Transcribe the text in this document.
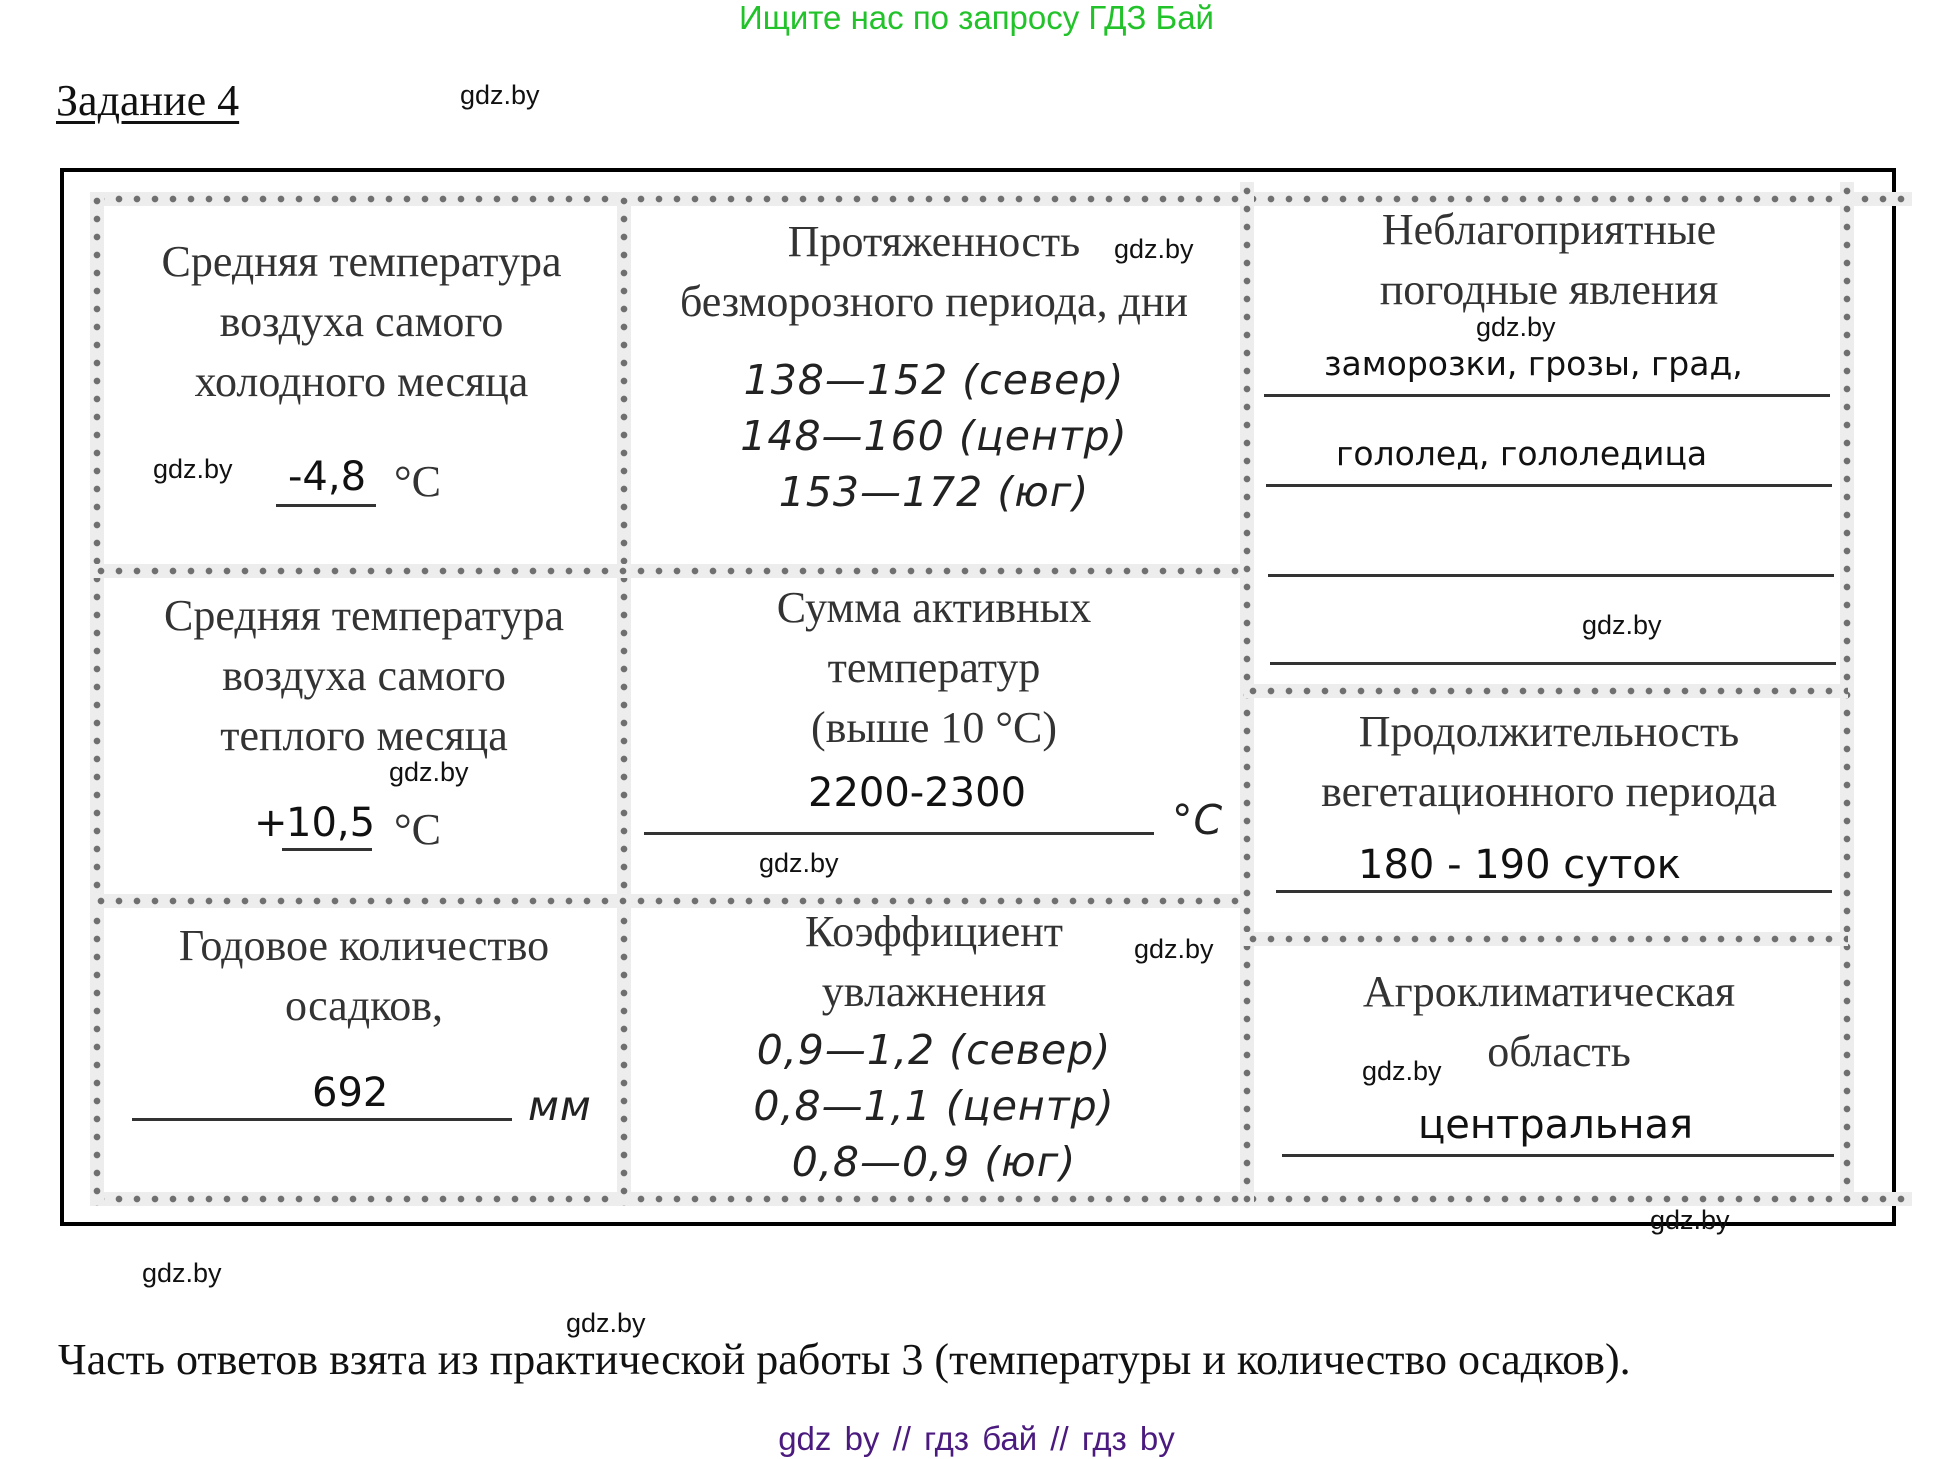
Ищите нас по запросу ГДЗ Бай
Задание 4	gdz.by
Средняя температура
воздуха самого
холодного месяца
-4,8 °C
gdz.by
Протяженность
безморозного периода, дни
138—152 (север)
148—160 (центр)
153—172 (юг)
gdz.by	Неблагоприятные
погодные явления
gdz.by
заморозки, грозы, град,
гололед, гололедица
gdz.by
Средняя температура
воздуха самого
теплого месяца
gdz.by
+
10,5 °C
Сумма активных
температур
(выше 10 °C)
2200-2300
°C
gdz.by
Продолжительность
вегетационного периода
180 - 190 суток
Годовое количество
осадков,
692	мм
Коэффициент
увлажнения
0,9—1,2 (север)
0,8—1,1 (центр)
0,8—0,9 (юг)
gdz.by
Агроклиматическая
область
gdz.by
центральная
gdz.by
gdz.by
gdz.by
Часть ответов взята из практической работы 3 (температуры и количество осадков).
gdz by // гдз бай // гдз by
